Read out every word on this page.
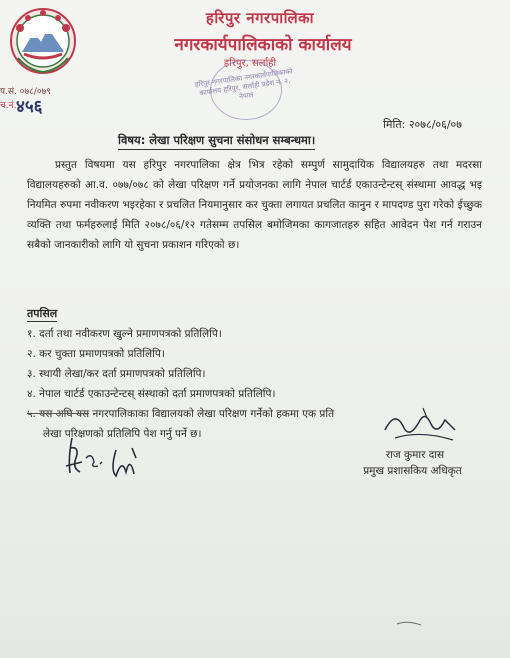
हरिपुर नगरपालिका
नगरकार्यपालिकाको कार्यालय
हरिपुर, सर्लाही
प.सं. ०७८/०७९
च.नं. ४५६
हरिपुर नगरपालिका नगरकार्यपालिकाको कार्यालय हरिपुर, सर्लाही प्रदेश नं. २, नेपाल
मिति: २०७८/०६/०७
विषय: लेखा परिक्षण सुचना संसोधन सम्बन्धमा।

प्रस्तुत विषयमा यस हरिपुर नगरपालिका क्षेत्र भित्र रहेको सम्पुर्ण सामुदायिक विद्यालयहरु तथा मदरसा विद्यालयहरुको आ.व. ०७७/०७८ को लेखा परिक्षण गर्ने प्रयोजनका लागि नेपाल चार्टर्ड एकाउन्टेन्टस् संस्थामा आवद्ध भइ नियमित रुपमा नवीकरण भइरहेका र प्रचलित नियमानुसार कर चुक्ता लगायत प्रचलित कानुन र मापदण्ड पुरा गरेको ईच्छुक व्यक्ति तथा फर्महरुलाई मिति २०७८/०६/१२ गतेसम्म तपसिल बमोजिमका कागजातहरु सहित आवेदन पेश गर्न गराउन सबैको जानकारीको लागि यो सुचना प्रकाशन गरिएको छ।

तपसिल
१. दर्ता तथा नवीकरण खुल्ने प्रमाणपत्रको प्रतिलिपि।
२. कर चुक्ता प्रमाणपत्रको प्रतिलिपि।
३. स्थायी लेखा/कर दर्ता प्रमाणपत्रको प्रतिलिपि।
४. नेपाल चार्टर्ड एकाउन्टेन्टस् संस्थाको दर्ता प्रमाणपत्रको प्रतिलिपि।
५. यस अघि यस नगरपालिकाका विद्यालयको लेखा परिक्षण गर्नेको हकमा एक प्रति
लेखा परिक्षणको प्रतिलिपि पेश गर्नु पर्ने छ।
राज कुमार दास
प्रमुख प्रशासकिय अधिकृत
